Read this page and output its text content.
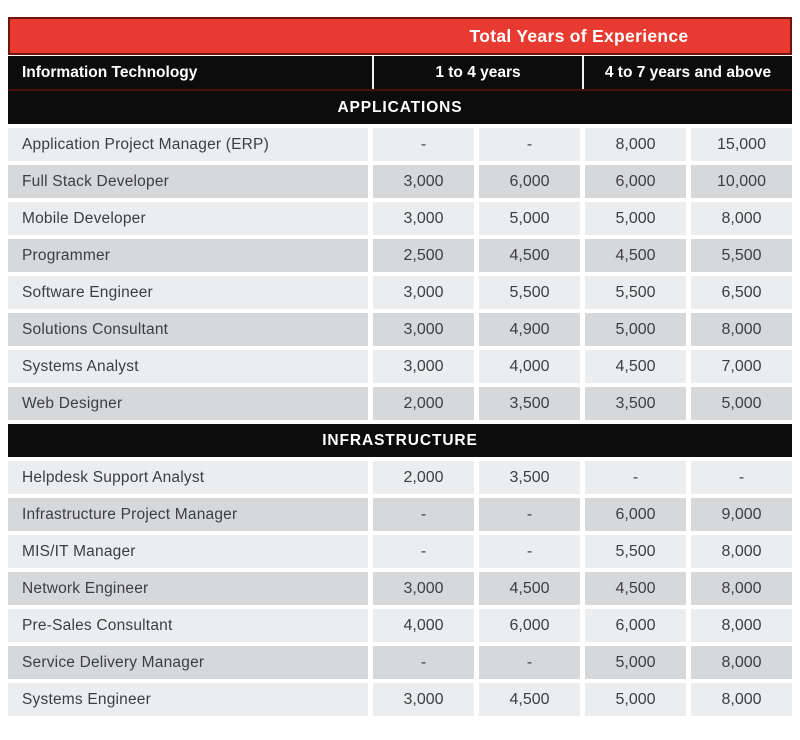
Total Years of Experience
Information Technology	1 to 4 years	4 to 7 years and above
APPLICATIONS
Application Project Manager (ERP)	-	-	8,000	15,000
Full Stack Developer	3,000	6,000	6,000	10,000
Mobile Developer	3,000	5,000	5,000	8,000
Programmer	2,500	4,500	4,500	5,500
Software Engineer	3,000	5,500	5,500	6,500
Solutions Consultant	3,000	4,900	5,000	8,000
Systems Analyst	3,000	4,000	4,500	7,000
Web Designer	2,000	3,500	3,500	5,000
INFRASTRUCTURE
Helpdesk Support Analyst	2,000	3,500	-	-
Infrastructure Project Manager	-	-	6,000	9,000
MIS/IT Manager	-	-	5,500	8,000
Network Engineer	3,000	4,500	4,500	8,000
Pre-Sales Consultant	4,000	6,000	6,000	8,000
Service Delivery Manager	-	-	5,000	8,000
Systems Engineer	3,000	4,500	5,000	8,000
